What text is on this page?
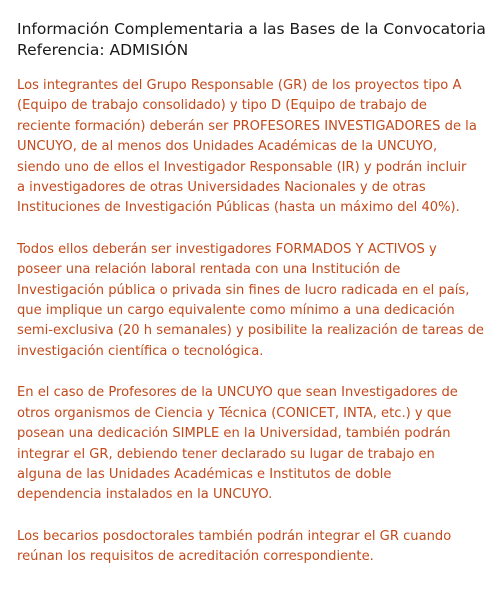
Información Complementaria a las Bases de la Convocatoria
Referencia: ADMISIÓN

Los integrantes del Grupo Responsable (GR) de los proyectos tipo A
(Equipo de trabajo consolidado) y tipo D (Equipo de trabajo de
reciente formación) deberán ser PROFESORES INVESTIGADORES de la
UNCUYO, de al menos dos Unidades Académicas de la UNCUYO,
siendo uno de ellos el Investigador Responsable (IR) y podrán incluir
a investigadores de otras Universidades Nacionales y de otras
Instituciones de Investigación Públicas (hasta un máximo del 40%).

Todos ellos deberán ser investigadores FORMADOS Y ACTIVOS y
poseer una relación laboral rentada con una Institución de
Investigación pública o privada sin fines de lucro radicada en el país,
que implique un cargo equivalente como mínimo a una dedicación
semi-exclusiva (20 h semanales) y posibilite la realización de tareas de
investigación científica o tecnológica.

En el caso de Profesores de la UNCUYO que sean Investigadores de
otros organismos de Ciencia y Técnica (CONICET, INTA, etc.) y que
posean una dedicación SIMPLE en la Universidad, también podrán
integrar el GR, debiendo tener declarado su lugar de trabajo en
alguna de las Unidades Académicas e Institutos de doble
dependencia instalados en la UNCUYO.

Los becarios posdoctorales también podrán integrar el GR cuando
reúnan los requisitos de acreditación correspondiente.
